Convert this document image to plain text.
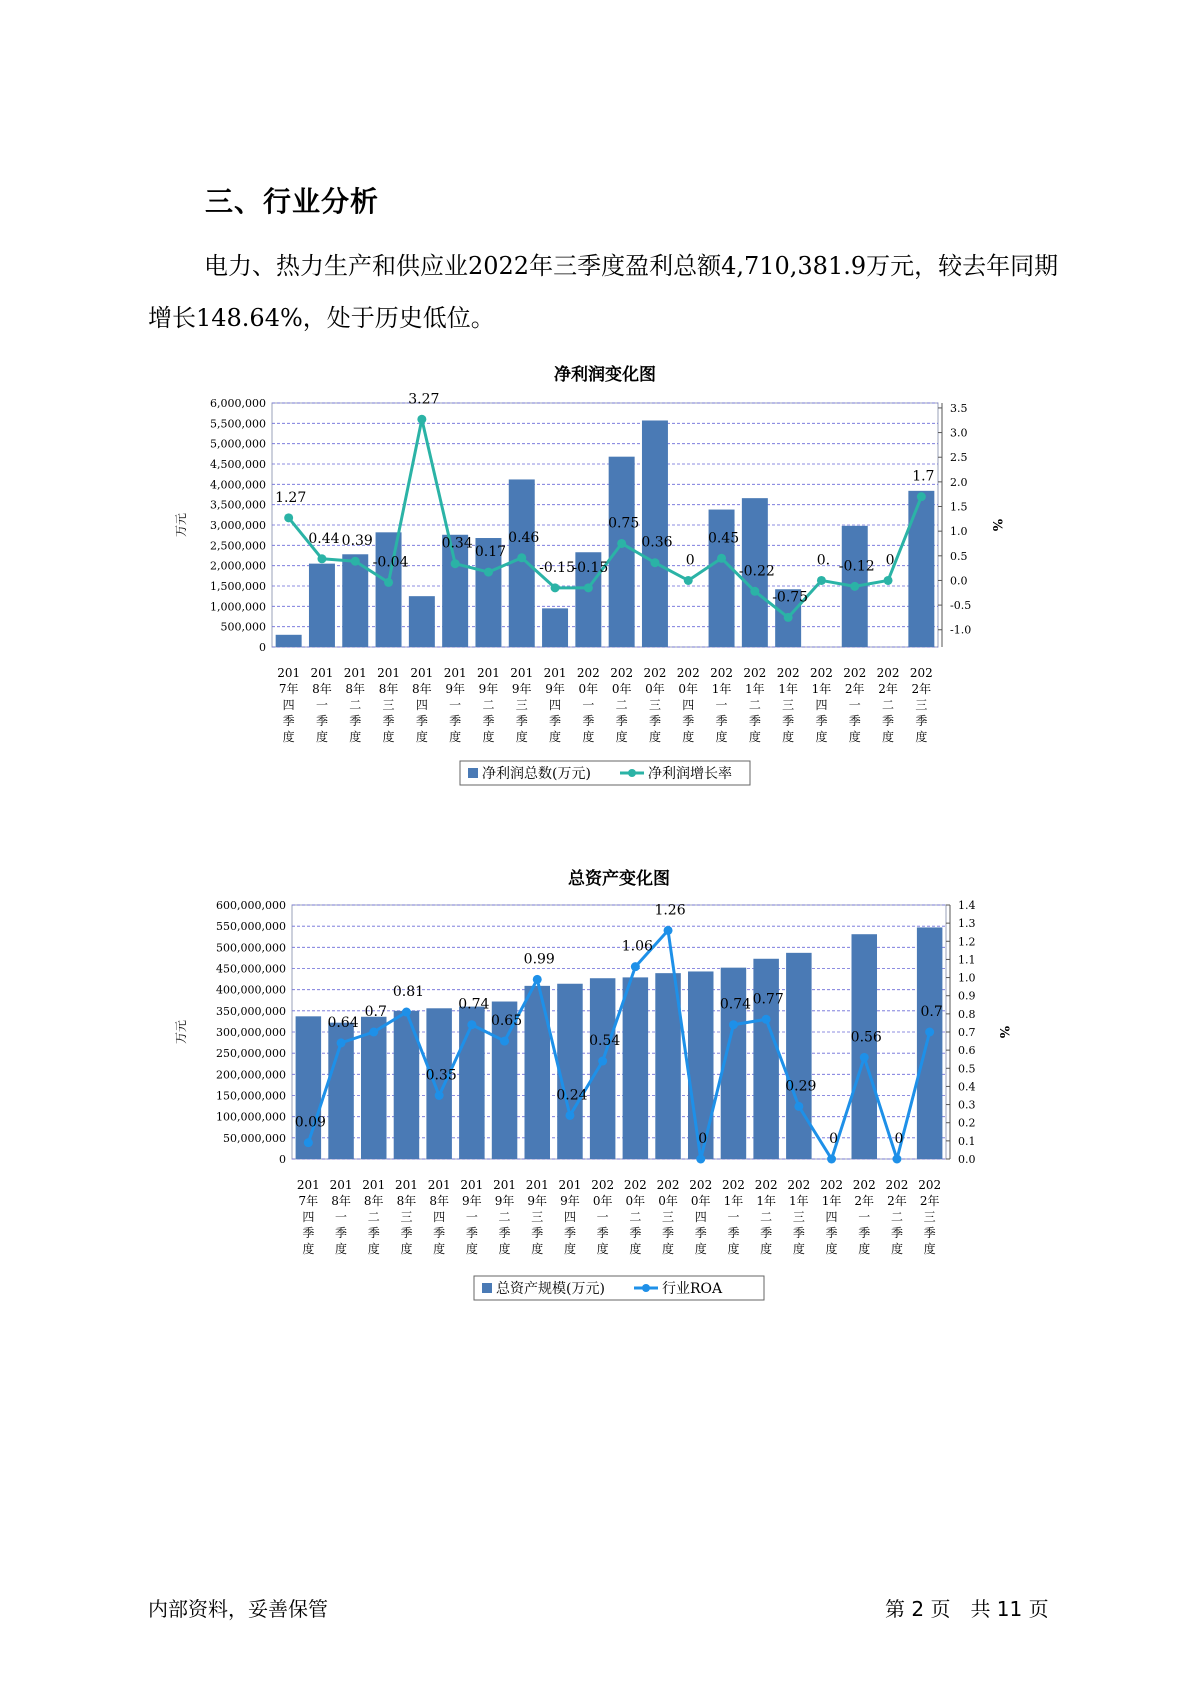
三、行业分析
电力、热力生产和供应业2022年三季度盈利总额4,710,381.9万元，较去年同期增长148.64%，处于历史低位。
净利润变化图
0
500,000
1,000,000
1,500,000
2,000,000
2,500,000
3,000,000
3,500,000
4,000,000
4,500,000
5,000,000
5,500,000
6,000,000
万元
-1.0
-0.5
0.0
0.5
1.0
1.5
2.0
2.5
3.0
3.5
%
1.27
0.44 0.39
-0.04
3.27
0.34
0.17
0.46
-0.15
-0.15
0.75
0.36
0
0.45
-0.22
-0.75
0. -0.12 0
1.7
201
7年
四
季
度
201
8年
一
季
度
201
8年
二
季
度
201
8年
三
季
度
201
8年
四
季
度
201
9年
一
季
度
201
9年
二
季
度
201
9年
三
季
度
201
9年
四
季
度
202
0年
一
季
度
202
0年
二
季
度
202
0年
三
季
度
202
0年
四
季
度
202
1年
一
季
度
202
1年
二
季
度
202
1年
三
季
度
202
1年
四
季
度
202
2年
一
季
度
202
2年
二
季
度
202
2年
三
季
度
净利润总数(万元)	净利润增长率
总资产变化图
0
50,000,000
100,000,000
150,000,000
200,000,000
250,000,000
300,000,000
350,000,000
400,000,000
450,000,000
500,000,000
550,000,000
600,000,000
万元
0.0
0.1
0.2
0.3
0.4
0.5
0.6
0.7
0.8
0.9
1.0
1.1
1.2
1.3
1.4
%
0.09
0.64
0.7
0.81
0.35
0.74
0.65
0.99
0.24
0.54
1.06
1.26
0
0.74 0.77
0.29
0
0.56
0
0.7
201
7年
四
季
度
201
8年
一
季
度
201
8年
二
季
度
201
8年
三
季
度
201
8年
四
季
度
201
9年
一
季
度
201
9年
二
季
度
201
9年
三
季
度
201
9年
四
季
度
202
0年
一
季
度
202
0年
二
季
度
202
0年
三
季
度
202
0年
四
季
度
202
1年
一
季
度
202
1年
二
季
度
202
1年
三
季
度
202
1年
四
季
度
202
2年
一
季
度
202
2年
二
季
度
202
2年
三
季
度
总资产规模(万元)	行业ROA
内部资料，妥善保管	第 2 页　共 11 页
